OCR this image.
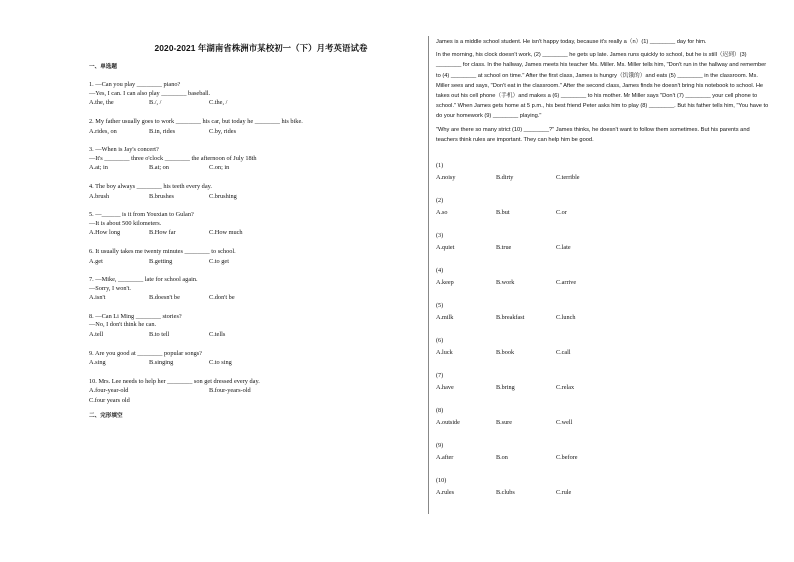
2020-2021 年湖南省株洲市某校初一（下）月考英语试卷
一、单选题

1. —Can you play ________ piano?

—Yes, I can. I can also play ________ baseball.

A.the, the	B./, /	C.the, /

2. My father usually goes to work ________ his car, but today he ________ his bike.

A.rides, on	B.in, rides	C.by, rides

3. —When is Jay's concert?

—It's ________ three o'clock ________ the afternoon of July 18th

A.at; in	B.at; on	C.on; in

4. The boy always ________ his teeth every day.

A.brush	B.brushes	C.brushing

5. —______ is it from Youxian to Gulan?

—It is about 500 kilometers.

A.How long	B.How far	C.How much

6. It usually takes me twenty minutes ________ to school.

A.get	B.getting	C.to get

7. —Mike, ________ late for school again.

—Sorry, I won't.

A.isn't	B.doesn't be	C.don't be

8. —Can Li Ming ________ stories?

—No, I don't think he can.

A.tell	B.to tell	C.tells

9. Are you good at ________ popular songs?

A.sing	B.singing	C.to sing

10. Mrs. Lee needs to help her ________ son get dressed every day.

A.four-year-old	B.four-years-old
C.four years old
二、完形填空

James is a middle school student. He isn't happy today, because it's really a（n）(1) ________ day for him.

In the morning, his clock doesn't work, (2) ________ he gets up late. James runs quickly to school, but he is still（迟到）(3) ________ for class. In the hallway, James meets his teacher Ms. Miller. Ms. Miller tells him, "Don't run in the hallway and remember to (4) ________ at school on time." After the first class, James is hungry（饥饿的）and eats (5) ________ in the classroom. Ms. Miller sees and says, "Don't eat in the classroom." After the second class, James finds he doesn't bring his notebook to school. He takes out his cell phone（手机）and makes a (6) ________ to his mother. Mr Miller says "Don't (7) ________ your cell phone to school." When James gets home at 5 p.m., his best friend Peter asks him to play (8) ________. But his father tells him, "You have to do your homework (9) ________ playing."

"Why are there so many strict (10) ________?" James thinks, he doesn't want to follow them sometimes. But his parents and teachers think rules are important. They can help him be good.

(1)
A.noisy	B.dirty	C.terrible
(2)
A.so	B.but	C.or
(3)
A.quiet	B.true	C.late
(4)
A.keep	B.work	C.arrive
(5)
A.milk	B.breakfast	C.lunch
(6)
A.luck	B.book	C.call
(7)
A.have	B.bring	C.relax
(8)
A.outside	B.sure	C.well
(9)
A.after	B.on	C.before
(10)
A.rules	B.clubs	C.rule
